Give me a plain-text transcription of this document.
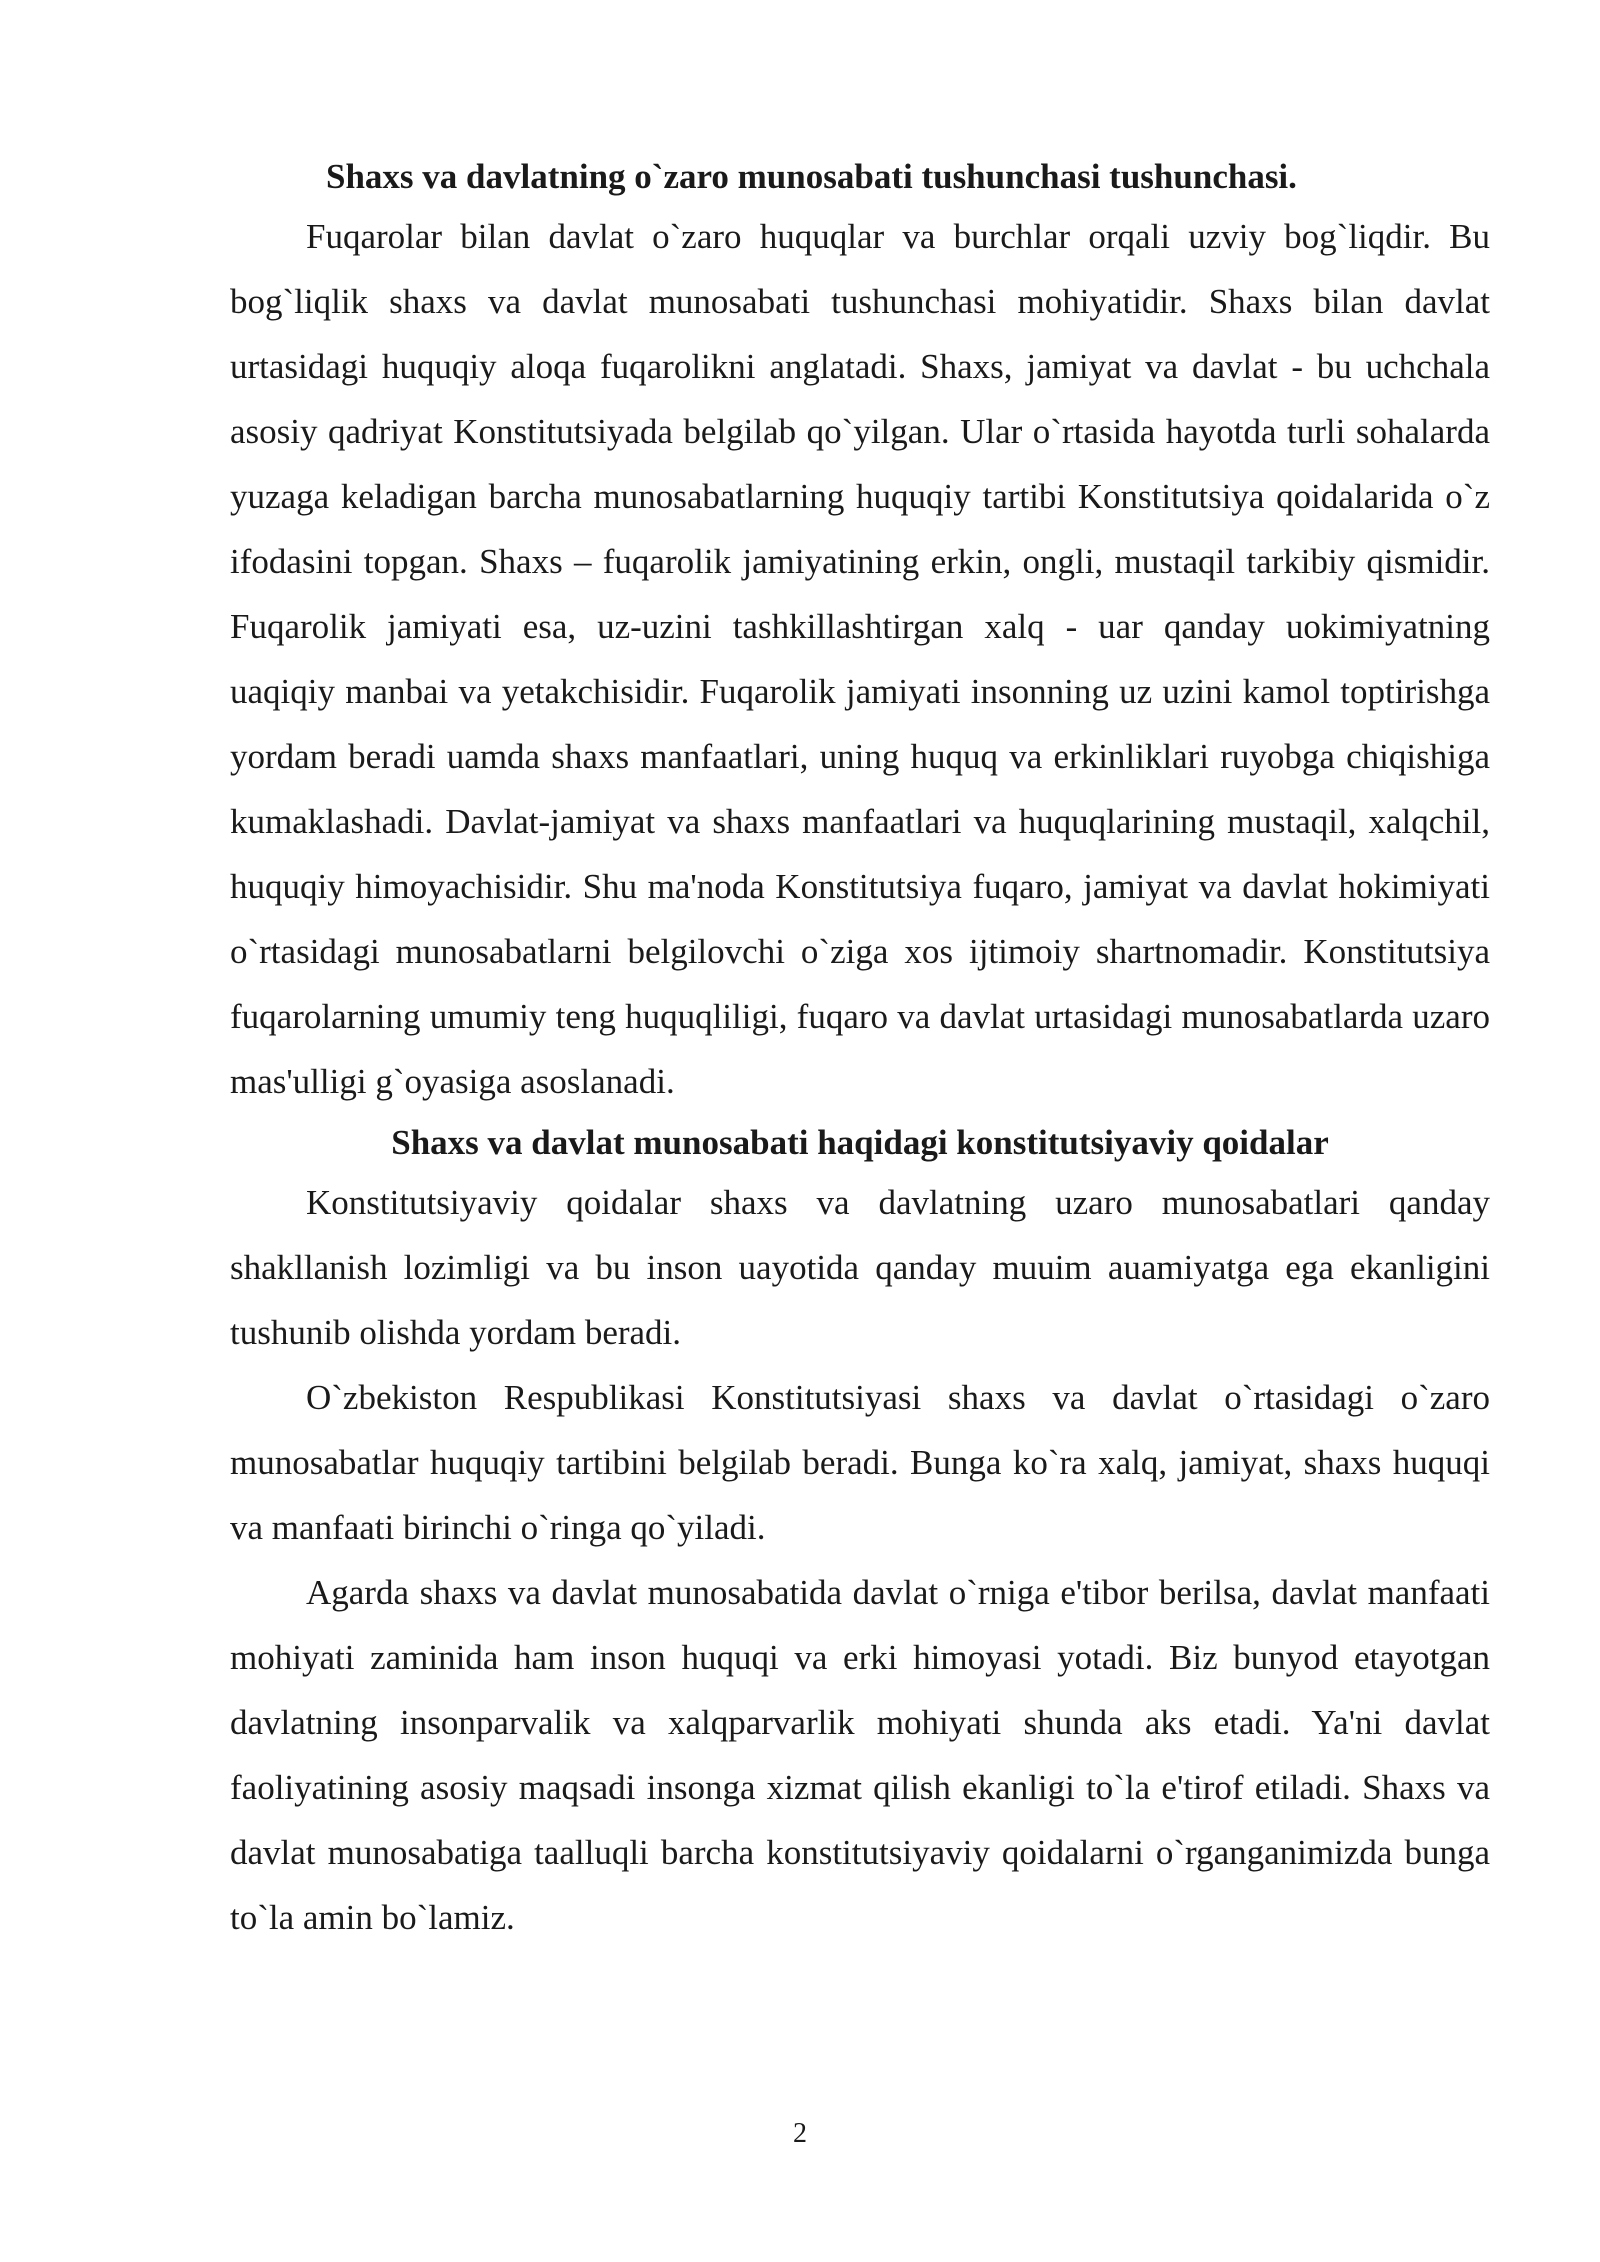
Shaxs va davlatning o`zaro munosabati tushunchasi tushunchasi.

Fuqarolar bilan davlat o`zaro huquqlar va burchlar orqali uzviy bog`liqdir. Bu bog`liqlik shaxs va davlat munosabati tushunchasi mohiyatidir. Shaxs bilan davlat urtasidagi huquqiy aloqa fuqarolikni anglatadi. Shaxs, jamiyat va davlat - bu uchchala asosiy qadriyat Konstitutsiyada belgilab qo`yilgan. Ular o`rtasida hayotda turli sohalarda yuzaga keladigan barcha munosabatlarning huquqiy tartibi Konstitutsiya qoidalarida o`z ifodasini topgan. Shaxs – fuqarolik jamiyatining erkin, ongli, mustaqil tarkibiy qismidir. Fuqarolik jamiyati esa, uz-uzini tashkillashtirgan xalq - uar qanday uokimiyatning uaqiqiy manbai va yetakchisidir. Fuqarolik jamiyati insonning uz uzini kamol toptirishga yordam beradi uamda shaxs manfaatlari, uning huquq va erkinliklari ruyobga chiqishiga kumaklashadi. Davlat-jamiyat va shaxs manfaatlari va huquqlarining mustaqil, xalqchil, huquqiy himoyachisidir. Shu ma'noda Konstitutsiya fuqaro, jamiyat va davlat hokimiyati o`rtasidagi munosabatlarni belgilovchi o`ziga xos ijtimoiy shartnomadir. Konstitutsiya fuqarolarning umumiy teng huquqliligi, fuqaro va davlat urtasidagi munosabatlarda uzaro mas'ulligi g`oyasiga asoslanadi.

Shaxs va davlat munosabati haqidagi konstitutsiyaviy qoidalar

Konstitutsiyaviy qoidalar shaxs va davlatning uzaro munosabatlari qanday shakllanish lozimligi va bu inson uayotida qanday muuim auamiyatga ega ekanligini tushunib olishda yordam beradi.

O`zbekiston Respublikasi Konstitutsiyasi shaxs va davlat o`rtasidagi o`zaro munosabatlar huquqiy tartibini belgilab beradi. Bunga ko`ra xalq, jamiyat, shaxs huquqi va manfaati birinchi o`ringa qo`yiladi.

Agarda shaxs va davlat munosabatida davlat o`rniga e'tibor berilsa, davlat manfaati mohiyati zaminida ham inson huquqi va erki himoyasi yotadi. Biz bunyod etayotgan davlatning insonparvalik va xalqparvarlik mohiyati shunda aks etadi. Ya'ni davlat faoliyatining asosiy maqsadi insonga xizmat qilish ekanligi to`la e'tirof etiladi. Shaxs va davlat munosabatiga taalluqli barcha konstitutsiyaviy qoidalarni o`rganganimizda bunga to`la amin bo`lamiz.

2
